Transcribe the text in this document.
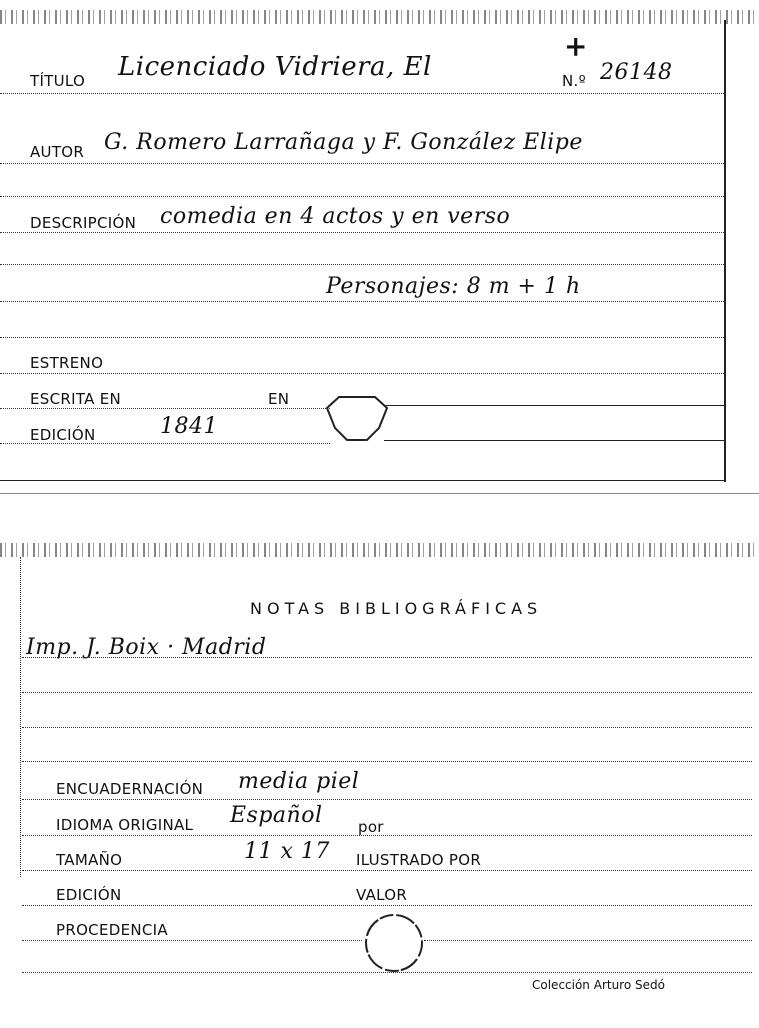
TÍTULO Licenciado Vidriera, El
+
N.º 26148
AUTOR G. Romero Larrañaga y F. González Elipe
DESCRIPCIÓN comedia en 4 actos y en verso
Personajes: 8 m + 1 h
ESTRENO
ESCRITA EN	EN
EDICIÓN	1841
NOTAS BIBLIOGRÁFICAS
Imp. J. Boix · Madrid
ENCUADERNACIÓN media piel
IDIOMA ORIGINAL Español por
TAMAÑO	11 x 17 ILUSTRADO POR
EDICIÓN	VALOR
PROCEDENCIA
Colección Arturo Sedó
